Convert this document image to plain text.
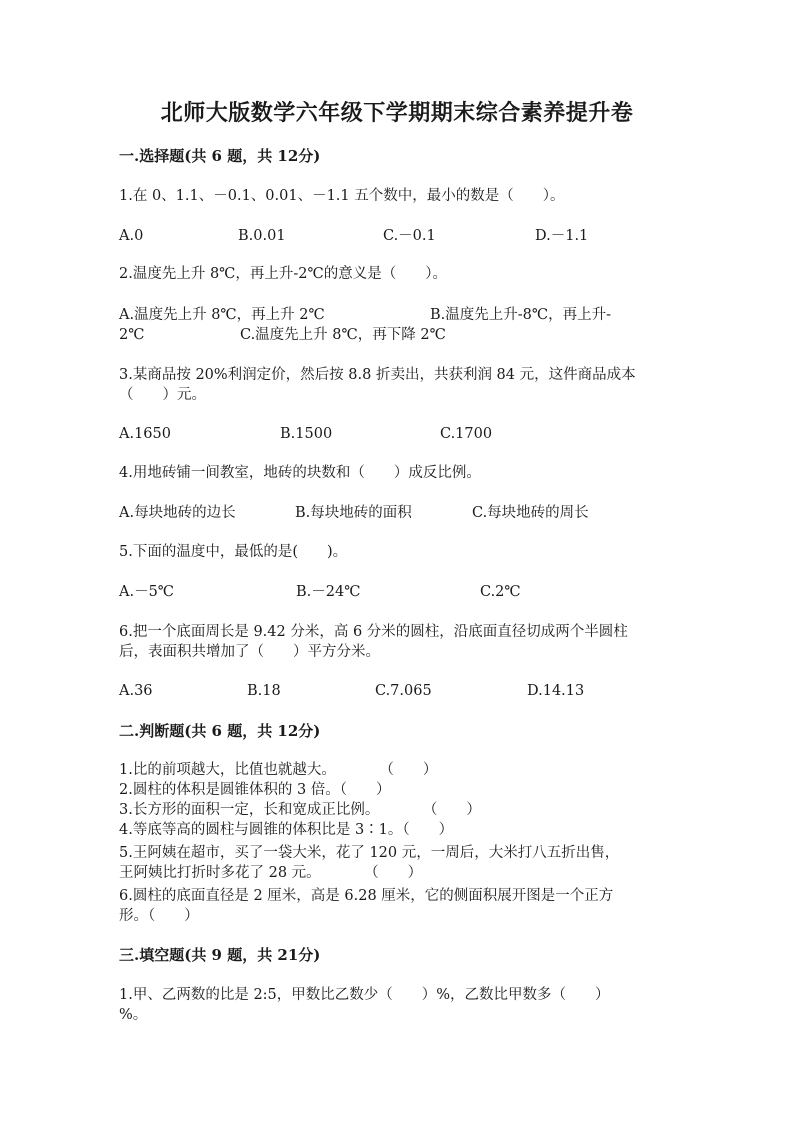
北师大版数学六年级下学期期末综合素养提升卷

一.选择题(共 6 题，共 12分)

1.在 0、1.1、－0.1、0.01、－1.1 五个数中，最小的数是（　　）。

A.0	B.0.01	C.－0.1	D.－1.1

2.温度先上升 8℃，再上升-2℃的意义是（　　）。

A.温度先上升 8℃，再上升 2℃	B.温度先上升-8℃，再上升-
2℃	C.温度先上升 8℃，再下降 2℃

3.某商品按 20%利润定价，然后按 8.8 折卖出，共获利润 84 元，这件商品成本

（　　）元。

A.1650	B.1500	C.1700

4.用地砖铺一间教室，地砖的块数和（　　）成反比例。

A.每块地砖的边长	B.每块地砖的面积	C.每块地砖的周长

5.下面的温度中，最低的是(　　)。

A.－5℃	B.－24℃	C.2℃

6.把一个底面周长是 9.42 分米，高 6 分米的圆柱，沿底面直径切成两个半圆柱

后，表面积共增加了（　　）平方分米。

A.36	B.18	C.7.065	D.14.13

二.判断题(共 6 题，共 12分)

1.比的前项越大，比值也就越大。　　　　（　　）

2.圆柱的体积是圆锥体积的 3 倍。（　　）

3.长方形的面积一定，长和宽成正比例。　　　　（　　）

4.等底等高的圆柱与圆锥的体积比是 3∶1。（　　）

5.王阿姨在超市，买了一袋大米，花了 120 元，一周后，大米打八五折出售，

王阿姨比打折时多花了 28 元。　　　　（　　）

6.圆柱的底面直径是 2 厘米，高是 6.28 厘米，它的侧面积展开图是一个正方

形。（　　）

三.填空题(共 9 题，共 21分)

1.甲、乙两数的比是 2:5，甲数比乙数少（　　）%，乙数比甲数多（　　）

%。
